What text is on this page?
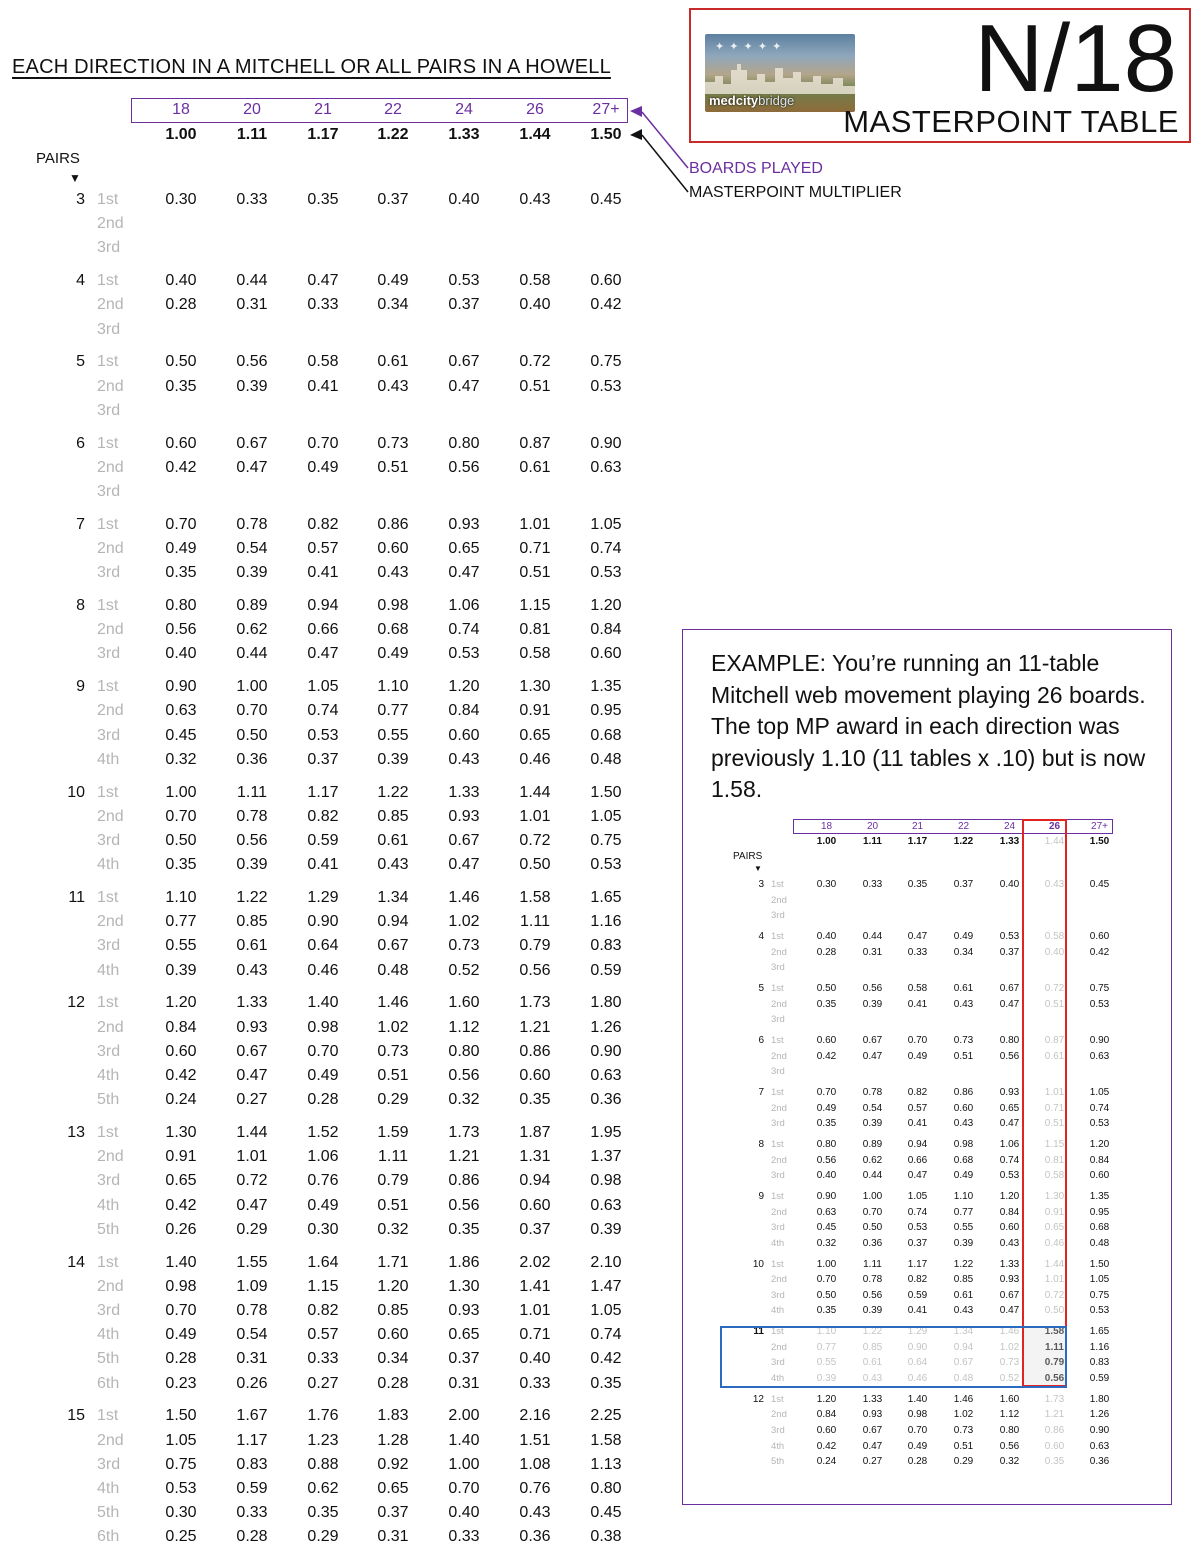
EACH DIRECTION IN A MITCHELL OR ALL PAIRS IN A HOWELL
✦ ✦ ✦ ✦ ✦
medcitybridge N/18
MASTERPOINT TABLE
18	20	21	22	24	26	27+
1.00	1.11	1.17	1.22	1.33	1.44	1.50
BOARDS PLAYED
MASTERPOINT MULTIPLIER
PAIRS
▼
3 1st	0.30	0.33	0.35	0.37	0.40	0.43	0.45
2nd
3rd
4 1st	0.40	0.44	0.47	0.49	0.53	0.58	0.60
2nd	0.28	0.31	0.33	0.34	0.37	0.40	0.42
3rd
5 1st	0.50	0.56	0.58	0.61	0.67	0.72	0.75
2nd	0.35	0.39	0.41	0.43	0.47	0.51	0.53
3rd
6 1st	0.60	0.67	0.70	0.73	0.80	0.87	0.90
2nd	0.42	0.47	0.49	0.51	0.56	0.61	0.63
3rd
7 1st	0.70	0.78	0.82	0.86	0.93	1.01	1.05
2nd	0.49	0.54	0.57	0.60	0.65	0.71	0.74
3rd	0.35	0.39	0.41	0.43	0.47	0.51	0.53
8 1st	0.80	0.89	0.94	0.98	1.06	1.15	1.20
2nd	0.56	0.62	0.66	0.68	0.74	0.81	0.84
3rd	0.40	0.44	0.47	0.49	0.53	0.58	0.60
9 1st	0.90	1.00	1.05	1.10	1.20	1.30	1.35
2nd	0.63	0.70	0.74	0.77	0.84	0.91	0.95
3rd	0.45	0.50	0.53	0.55	0.60	0.65	0.68
4th	0.32	0.36	0.37	0.39	0.43	0.46	0.48
10 1st	1.00	1.11	1.17	1.22	1.33	1.44	1.50
2nd	0.70	0.78	0.82	0.85	0.93	1.01	1.05
3rd	0.50	0.56	0.59	0.61	0.67	0.72	0.75
4th	0.35	0.39	0.41	0.43	0.47	0.50	0.53
11 1st	1.10	1.22	1.29	1.34	1.46	1.58	1.65
2nd	0.77	0.85	0.90	0.94	1.02	1.11	1.16
3rd	0.55	0.61	0.64	0.67	0.73	0.79	0.83
4th	0.39	0.43	0.46	0.48	0.52	0.56	0.59
12 1st	1.20	1.33	1.40	1.46	1.60	1.73	1.80
2nd	0.84	0.93	0.98	1.02	1.12	1.21	1.26
3rd	0.60	0.67	0.70	0.73	0.80	0.86	0.90
4th	0.42	0.47	0.49	0.51	0.56	0.60	0.63
5th	0.24	0.27	0.28	0.29	0.32	0.35	0.36
13 1st	1.30	1.44	1.52	1.59	1.73	1.87	1.95
2nd	0.91	1.01	1.06	1.11	1.21	1.31	1.37
3rd	0.65	0.72	0.76	0.79	0.86	0.94	0.98
4th	0.42	0.47	0.49	0.51	0.56	0.60	0.63
5th	0.26	0.29	0.30	0.32	0.35	0.37	0.39
14 1st	1.40	1.55	1.64	1.71	1.86	2.02	2.10
2nd	0.98	1.09	1.15	1.20	1.30	1.41	1.47
3rd	0.70	0.78	0.82	0.85	0.93	1.01	1.05
4th	0.49	0.54	0.57	0.60	0.65	0.71	0.74
5th	0.28	0.31	0.33	0.34	0.37	0.40	0.42
6th	0.23	0.26	0.27	0.28	0.31	0.33	0.35
15 1st	1.50	1.67	1.76	1.83	2.00	2.16	2.25
2nd	1.05	1.17	1.23	1.28	1.40	1.51	1.58
3rd	0.75	0.83	0.88	0.92	1.00	1.08	1.13
4th	0.53	0.59	0.62	0.65	0.70	0.76	0.80
5th	0.30	0.33	0.35	0.37	0.40	0.43	0.45
6th	0.25	0.28	0.29	0.31	0.33	0.36	0.38
EXAMPLE: You’re running an 11-table Mitchell web movement playing 26 boards. The top MP award in each direction was previously 1.10 (11 tables x .10) but is now 1.58.
18	20	21	22	24	26	27+
1.00	1.11	1.17	1.22	1.33	1.44	1.50
PAIRS
▼
3 1st	0.30	0.33	0.35	0.37	0.40	0.43	0.45
2nd
3rd
4 1st	0.40	0.44	0.47	0.49	0.53	0.58	0.60
2nd	0.28	0.31	0.33	0.34	0.37	0.40	0.42
3rd
5 1st	0.50	0.56	0.58	0.61	0.67	0.72	0.75
2nd	0.35	0.39	0.41	0.43	0.47	0.51	0.53
3rd
6 1st	0.60	0.67	0.70	0.73	0.80	0.87	0.90
2nd	0.42	0.47	0.49	0.51	0.56	0.61	0.63
3rd
7 1st	0.70	0.78	0.82	0.86	0.93	1.01	1.05
2nd	0.49	0.54	0.57	0.60	0.65	0.71	0.74
3rd	0.35	0.39	0.41	0.43	0.47	0.51	0.53
8 1st	0.80	0.89	0.94	0.98	1.06	1.15	1.20
2nd	0.56	0.62	0.66	0.68	0.74	0.81	0.84
3rd	0.40	0.44	0.47	0.49	0.53	0.58	0.60
9 1st	0.90	1.00	1.05	1.10	1.20	1.30	1.35
2nd	0.63	0.70	0.74	0.77	0.84	0.91	0.95
3rd	0.45	0.50	0.53	0.55	0.60	0.65	0.68
4th	0.32	0.36	0.37	0.39	0.43	0.46	0.48
10 1st	1.00	1.11	1.17	1.22	1.33	1.44	1.50
2nd	0.70	0.78	0.82	0.85	0.93	1.01	1.05
3rd	0.50	0.56	0.59	0.61	0.67	0.72	0.75
4th	0.35	0.39	0.41	0.43	0.47	0.50	0.53
11 1st	1.10	1.22	1.29	1.34	1.46	1.58	1.65
2nd	0.77	0.85	0.90	0.94	1.02	1.11	1.16
3rd	0.55	0.61	0.64	0.67	0.73	0.79	0.83
4th	0.39	0.43	0.46	0.48	0.52	0.56	0.59
12 1st	1.20	1.33	1.40	1.46	1.60	1.73	1.80
2nd	0.84	0.93	0.98	1.02	1.12	1.21	1.26
3rd	0.60	0.67	0.70	0.73	0.80	0.86	0.90
4th	0.42	0.47	0.49	0.51	0.56	0.60	0.63
5th	0.24	0.27	0.28	0.29	0.32	0.35	0.36
